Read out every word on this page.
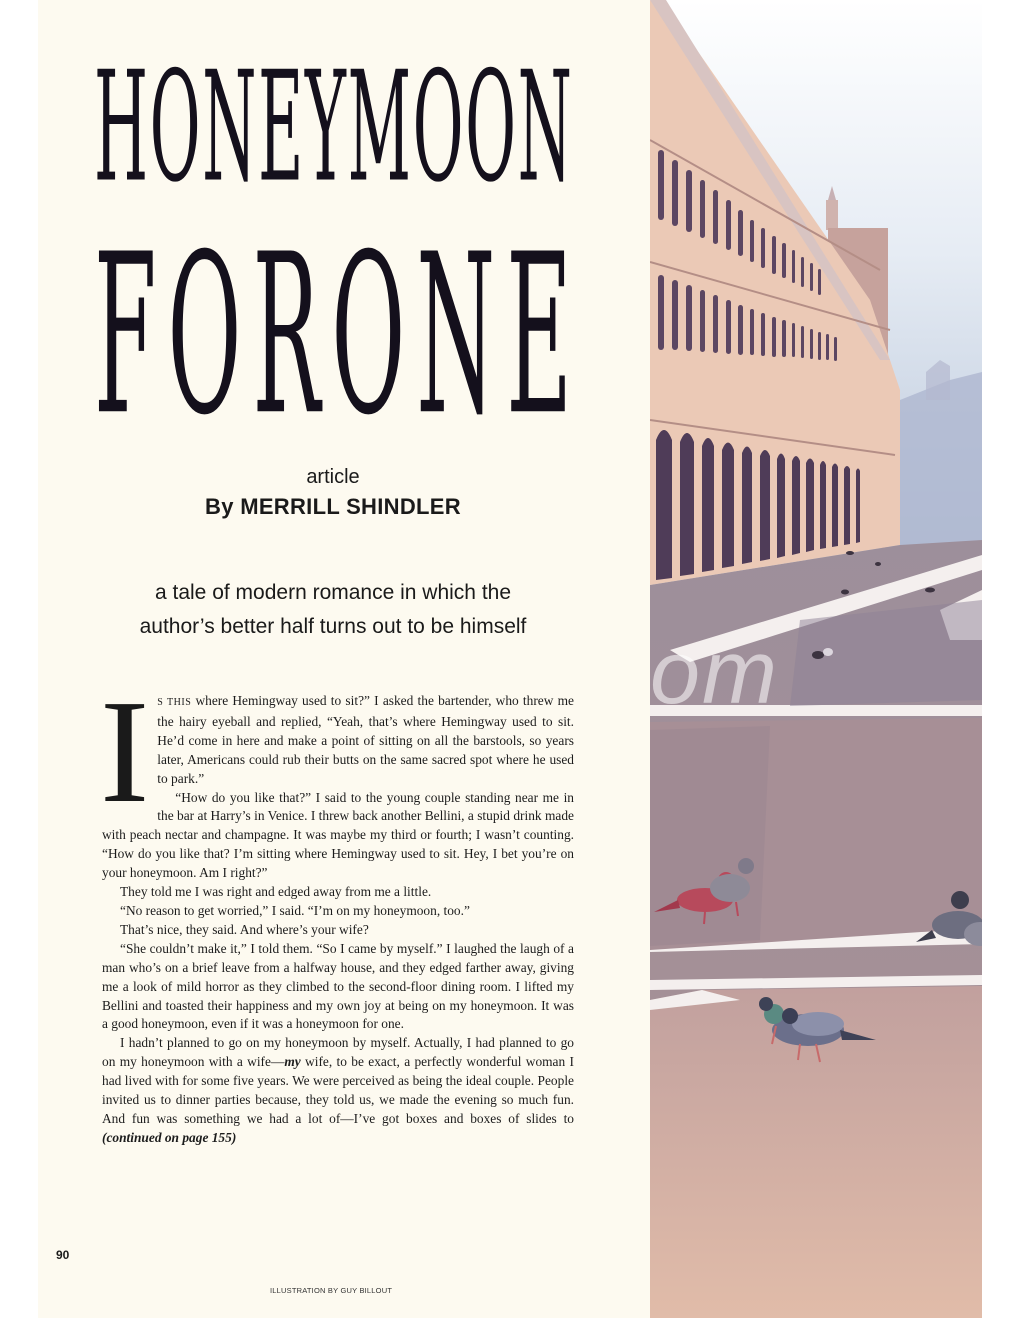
H O N E Y M O O N
F O R O N E
article
By MERRILL SHINDLER
a tale of modern romance in which the
author’s better half turns out to be himself

IS THIS where Hemingway used to sit?” I asked the bartender, who threw me the hairy eyeball and replied, “Yeah, that’s where Hemingway used to sit. He’d come in here and make a point of sitting on all the barstools, so years later, Americans could rub their butts on the same sacred spot where he used to park.”

“How do you like that?” I said to the young couple standing near me in the bar at Harry’s in Venice. I threw back another Bellini, a stupid drink made with peach nectar and champagne. It was maybe my third or fourth; I wasn’t counting. “How do you like that? I’m sitting where Hemingway used to sit. Hey, I bet you’re on your honeymoon. Am I right?”

They told me I was right and edged away from me a little.

“No reason to get worried,” I said. “I’m on my honeymoon, too.”

That’s nice, they said. And where’s your wife?

“She couldn’t make it,” I told them. “So I came by myself.” I laughed the laugh of a man who’s on a brief leave from a halfway house, and they edged farther away, giving me a look of mild horror as they climbed to the second-floor dining room. I lifted my Bellini and toasted their happiness and my own joy at being on my honeymoon. It was a good honeymoon, even if it was a honeymoon for one.

I hadn’t planned to go on my honeymoon by myself. Actually, I had planned to go on my honeymoon with a wife—my wife, to be exact, a perfectly wonderful woman I had lived with for some five years. We were perceived as being the ideal couple. People invited us to dinner parties because, they told us, we made the evening so much fun. And fun was something we had a lot of—I’ve got boxes and boxes of slides to (continued on page 155)

90
ILLUSTRATION BY GUY BILLOUT
om
